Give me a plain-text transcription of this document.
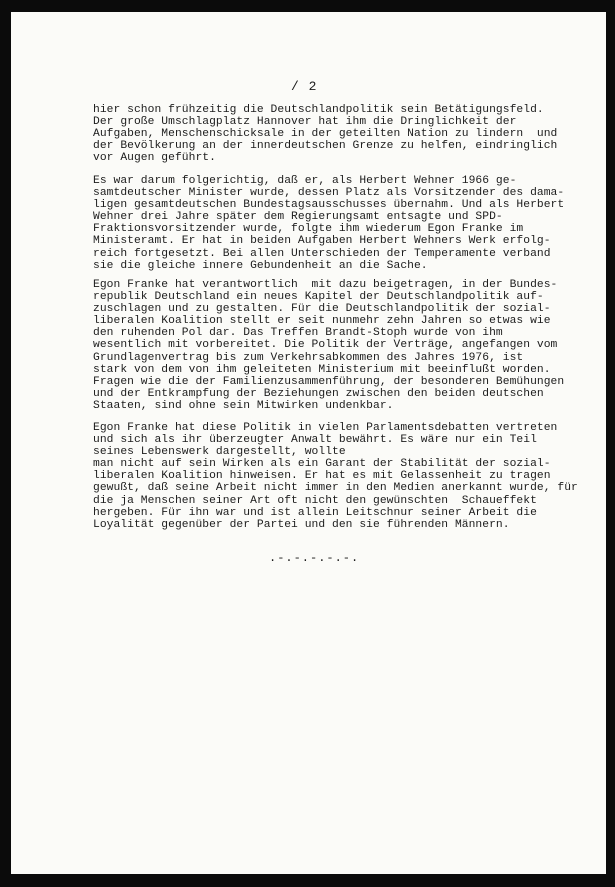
/ 2
hier schon frühzeitig die Deutschlandpolitik sein Betätigungsfeld.
Der große Umschlagplatz Hannover hat ihm die Dringlichkeit der
Aufgaben, Menschenschicksale in der geteilten Nation zu lindern  und
der Bevölkerung an der innerdeutschen Grenze zu helfen, eindringlich
vor Augen geführt.
Es war darum folgerichtig, daß er, als Herbert Wehner 1966 ge-
samtdeutscher Minister wurde, dessen Platz als Vorsitzender des dama-
ligen gesamtdeutschen Bundestagsausschusses übernahm. Und als Herbert
Wehner drei Jahre später dem Regierungsamt entsagte und SPD-
Fraktionsvorsitzender wurde, folgte ihm wiederum Egon Franke im
Ministeramt. Er hat in beiden Aufgaben Herbert Wehners Werk erfolg-
reich fortgesetzt. Bei allen Unterschieden der Temperamente verband
sie die gleiche innere Gebundenheit an die Sache.
Egon Franke hat verantwortlich  mit dazu beigetragen, in der Bundes-
republik Deutschland ein neues Kapitel der Deutschlandpolitik auf-
zuschlagen und zu gestalten. Für die Deutschlandpolitik der sozial-
liberalen Koalition stellt er seit nunmehr zehn Jahren so etwas wie
den ruhenden Pol dar. Das Treffen Brandt-Stoph wurde von ihm
wesentlich mit vorbereitet. Die Politik der Verträge, angefangen vom
Grundlagenvertrag bis zum Verkehrsabkommen des Jahres 1976, ist
stark von dem von ihm geleiteten Ministerium mit beeinflußt worden.
Fragen wie die der Familienzusammenführung, der besonderen Bemühungen
und der Entkrampfung der Beziehungen zwischen den beiden deutschen
Staaten, sind ohne sein Mitwirken undenkbar.
Egon Franke hat diese Politik in vielen Parlamentsdebatten vertreten
und sich als ihr überzeugter Anwalt bewährt. Es wäre nur ein Teil
seines Lebenswerk dargestellt, wollte
man nicht auf sein Wirken als ein Garant der Stabilität der sozial-
liberalen Koalition hinweisen. Er hat es mit Gelassenheit zu tragen
gewußt, daß seine Arbeit nicht immer in den Medien anerkannt wurde, für
die ja Menschen seiner Art oft nicht den gewünschten  Schaueffekt
hergeben. Für ihn war und ist allein Leitschnur seiner Arbeit die
Loyalität gegenüber der Partei und den sie führenden Männern.
.-.-.-.-.-.
